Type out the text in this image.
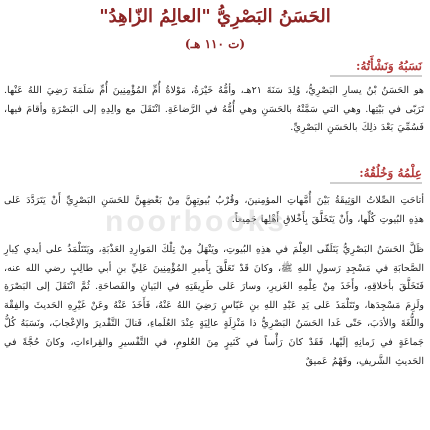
الحَسَنُ البَصْرِيُّ "العالِمُ الزّاهِدُ"
(ت ١١٠ هـ)
نَسَبُهُ وَنَشْأَتُهُ:
هو الحَسَنُ بْنُ يسارِ البَصْرِيُّ، وُلِدَ سَنَةَ ٢١هـ، وأمُّهُ خَيْرَةُ، مَوْلاةُ أُمِّ المُؤْمِنِينَ أُمِّ سَلَمَةَ رَضِيَ اللهُ عَنْها. تَرَبّى في بَيْتِها. وهي التي سَمَّتْهُ بالحَسَنِ وهي أُمُّهُ في الرَّضاعَةِ. انْتَقَلَ مع والِدِهِ إلى البَصْرَةِ وأقامَ فيها، فَسُمِّيَ بَعْدَ ذلِكَ بالحَسَنِ البَصْرِيِّ.
عِلْمُهُ وَخُلُقُهُ:
أتاحَتِ الصِّلاتُ الوَثِيقَةُ بَيْنَ أُمَّهاتِ المؤمِنينَ، وقُرْبُ بُيوتِهِنَّ مِنْ بَعْضِهِنَّ للحَسَنِ البَصْرِيِّ أَنْ يَتَرَدَّدَ عَلى هذِهِ البُيوتِ كُلِّها، وأَنْ يَتَخَلَّقَ بِأَخْلاقِ أَهْلِها جَمِيعاً.
noorbooks
ظَلَّ الحَسَنُ البَصْرِيُّ يَتَلَقّى العِلْمَ في هذِهِ البُيوتِ، ويَنْهَلُ مِنْ تِلْكَ المَوارِدِ العَذْبَةِ، ويَتَتَلْمَذُ على أيدي كِبارِ الصَّحابَةِ في مَسْجِدِ رَسولِ اللهِ ﷺ، وكانَ قَدْ تَعَلَّقَ بِأَميرِ المُؤْمِنِينَ عَلِيِّ بنِ أبي طالِبٍ رضي الله عنه، فَتَخَلَّقَ بأخلاقِهِ، وأَخَذَ مِنْ عِلْمِهِ الغَزيرِ، وسارَ عَلى طَرِيقَتِهِ في البَيانِ والفَصاحَةِ. ثُمَّ انْتَقَلَ إلى البَصْرَةِ ولَزِمَ مَسْجِدَها، وتَتَلْمَذَ عَلى يَدِ عَبْدِ اللهِ بنِ عَبّاسٍ رَضِيَ اللهُ عَنْهُ، فَأَخَذَ عَنْهُ وعَنْ غَيْرِهِ الحَديثَ والفِقْهَ واللُّغَةَ والأدَبَ، حَتّى غَدا الحَسَنُ البَصْرِيُّ ذا مَنْزِلَةٍ عالِيَةٍ عِنْدَ العُلَماءِ، فَنالَ التَّقْديرَ والإعْجابَ، ونَسَبَهُ كُلُّ جَماعَةٍ في زَمانِهِ إلَيْها، فَقَدْ كانَ رَأْساً في كَثيرٍ مِنَ العُلومِ، في التَّفْسيرِ والقِراءاتِ، وكانَ حُجَّةً في الحَديثِ الشَّريفِ، وفَهْمُ عَميقٌ
